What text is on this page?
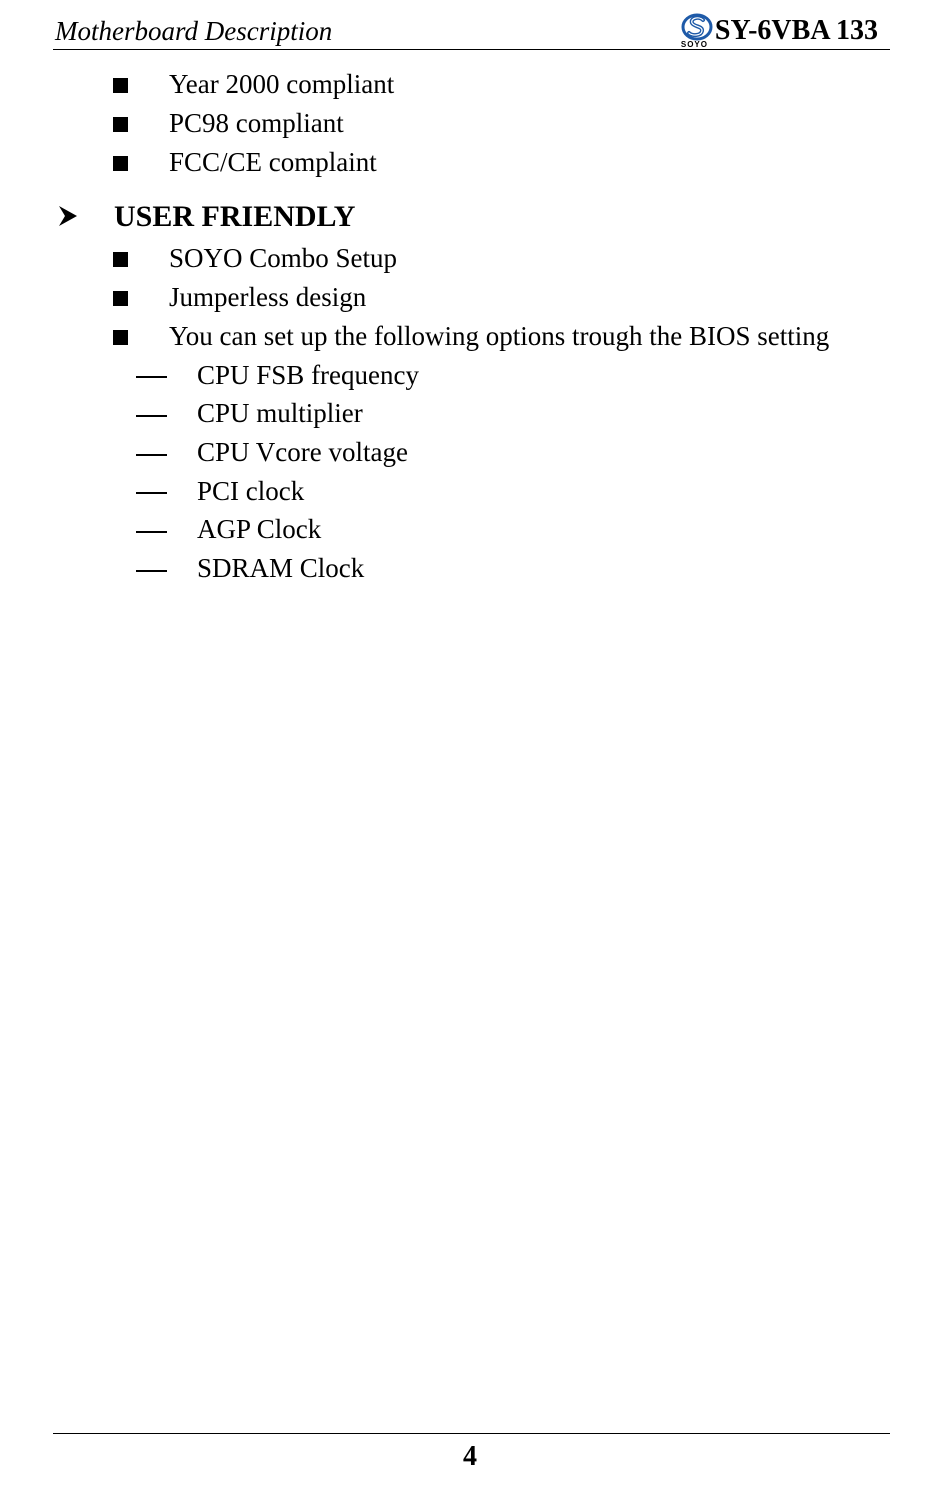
Motherboard Description	SOYO SY-6VBA 133
Year 2000 compliant
PC98 compliant
FCC/CE complaint
USER FRIENDLY
SOYO Combo Setup
Jumperless design
You can set up the following options trough the BIOS setting
CPU FSB frequency
CPU multiplier
CPU Vcore voltage
PCI clock
AGP Clock
SDRAM Clock
4
